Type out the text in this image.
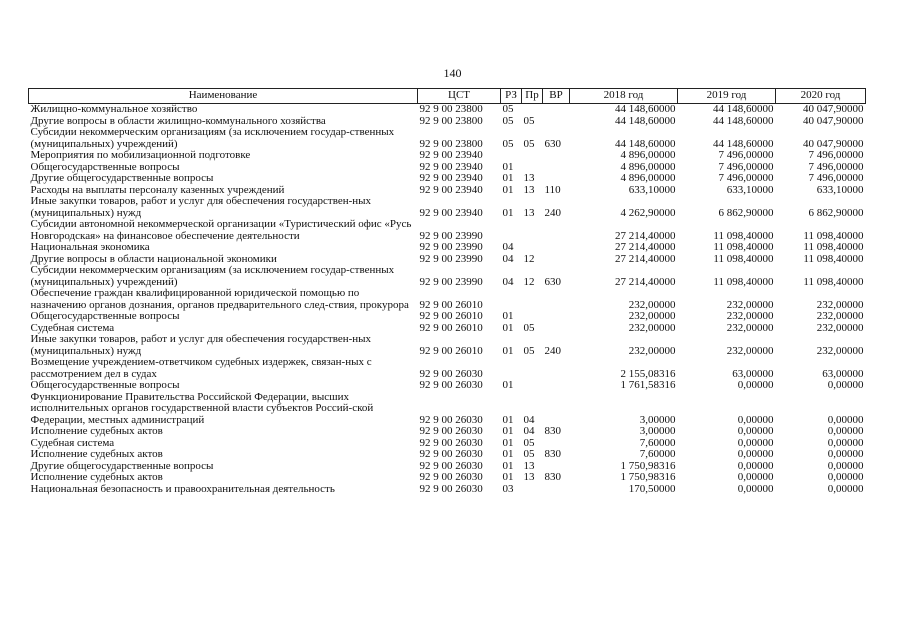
140
Наименование	ЦСТ	РЗ	Пр	ВР	2018 год	2019 год	2020 год
Жилищно-коммунальное хозяйство	92 9 00 23800	05			44 148,60000	44 148,60000	40 047,90000
Другие вопросы в области жилищно-коммунального хозяйства	92 9 00 23800	05	05		44 148,60000	44 148,60000	40 047,90000
Субсидии некоммерческим организациям (за исключением государ-ственных (муниципальных) учреждений)	92 9 00 23800	05	05	630	44 148,60000	44 148,60000	40 047,90000
Мероприятия по мобилизационной подготовке	92 9 00 23940				4 896,00000	7 496,00000	7 496,00000
Общегосударственные вопросы	92 9 00 23940	01			4 896,00000	7 496,00000	7 496,00000
Другие общегосударственные вопросы	92 9 00 23940	01	13		4 896,00000	7 496,00000	7 496,00000
Расходы на выплаты персоналу казенных учреждений	92 9 00 23940	01	13	110	633,10000	633,10000	633,10000
Иные закупки товаров, работ и услуг для обеспечения государствен-ных (муниципальных) нужд	92 9 00 23940	01	13	240	4 262,90000	6 862,90000	6 862,90000
Субсидии автономной некоммерческой организации «Туристический офис «Русь Новгородская» на финансовое обеспечение деятельности	92 9 00 23990				27 214,40000	11 098,40000	11 098,40000
Национальная экономика	92 9 00 23990	04			27 214,40000	11 098,40000	11 098,40000
Другие вопросы в области национальной экономики	92 9 00 23990	04	12		27 214,40000	11 098,40000	11 098,40000
Субсидии некоммерческим организациям (за исключением государ-ственных (муниципальных) учреждений)	92 9 00 23990	04	12	630	27 214,40000	11 098,40000	11 098,40000
Обеспечение граждан квалифицированной юридической помощью по назначению органов дознания, органов предварительного след-ствия, прокурора	92 9 00 26010				232,00000	232,00000	232,00000
Общегосударственные вопросы	92 9 00 26010	01			232,00000	232,00000	232,00000
Судебная система	92 9 00 26010	01	05		232,00000	232,00000	232,00000
Иные закупки товаров, работ и услуг для обеспечения государствен-ных (муниципальных) нужд	92 9 00 26010	01	05	240	232,00000	232,00000	232,00000
Возмещение учреждением-ответчиком судебных издержек, связан-ных с рассмотрением дел в судах	92 9 00 26030				2 155,08316	63,00000	63,00000
Общегосударственные вопросы	92 9 00 26030	01			1 761,58316	0,00000	0,00000
Функционирование Правительства Российской Федерации, высших исполнительных органов государственной власти субъектов Россий-ской Федерации, местных администраций	92 9 00 26030	01	04		3,00000	0,00000	0,00000
Исполнение судебных актов	92 9 00 26030	01	04	830	3,00000	0,00000	0,00000
Судебная система	92 9 00 26030	01	05		7,60000	0,00000	0,00000
Исполнение судебных актов	92 9 00 26030	01	05	830	7,60000	0,00000	0,00000
Другие общегосударственные вопросы	92 9 00 26030	01	13		1 750,98316	0,00000	0,00000
Исполнение судебных актов	92 9 00 26030	01	13	830	1 750,98316	0,00000	0,00000
Национальная безопасность и правоохранительная деятельность	92 9 00 26030	03			170,50000	0,00000	0,00000
